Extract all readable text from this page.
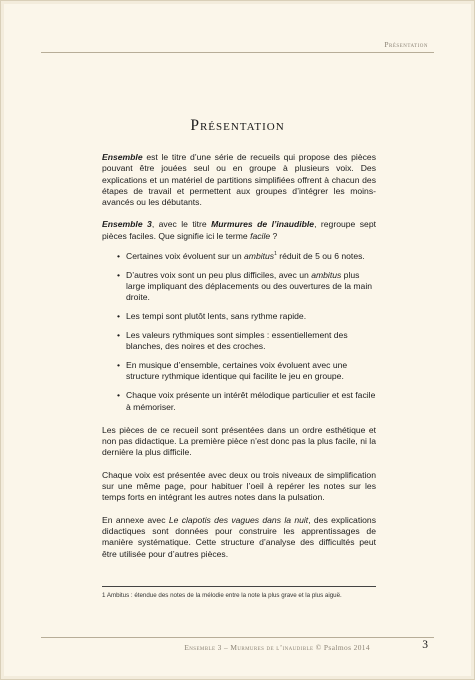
Présentation
Présentation

Ensemble est le titre d’une série de recueils qui propose des pièces pouvant être jouées seul ou en groupe à plusieurs voix. Des explications et un matériel de partitions simplifiées offrent à chacun des étapes de travail et permettent aux groupes d’intégrer les moins-avancés ou les débutants.

Ensemble 3, avec le titre Murmures de l’inaudible, regroupe sept pièces faciles. Que signifie ici le terme facile ?

• Certaines voix évoluent sur un ambitus$^1$ réduit de 5 ou 6 notes.
• D’autres voix sont un peu plus difficiles, avec un ambitus plus large impliquant des déplacements ou des ouvertures de la main droite.
• Les tempi sont plutôt lents, sans rythme rapide.
• Les valeurs rythmiques sont simples : essentiellement des blanches, des noires et des croches.
• En musique d’ensemble, certaines voix évoluent avec une structure rythmique identique qui facilite le jeu en groupe.
• Chaque voix présente un intérêt mélodique particulier et est facile à mémoriser.

Les pièces de ce recueil sont présentées dans un ordre esthétique et non pas didactique. La première pièce n’est donc pas la plus facile, ni la dernière la plus difficile.

Chaque voix est présentée avec deux ou trois niveaux de simplification sur une même page, pour habituer l’oeil à repérer les notes sur les temps forts en intégrant les autres notes dans la pulsation.

En annexe avec Le clapotis des vagues dans la nuit, des explications didactiques sont données pour construire les apprentissages de manière systématique. Cette structure d’analyse des difficultés peut être utilisée pour d’autres pièces.

1 Ambitus : étendue des notes de la mélodie entre la note la plus grave et la plus aiguë.
Ensemble 3 – Murmures de l’inaudible © Psalmos 2014	3
